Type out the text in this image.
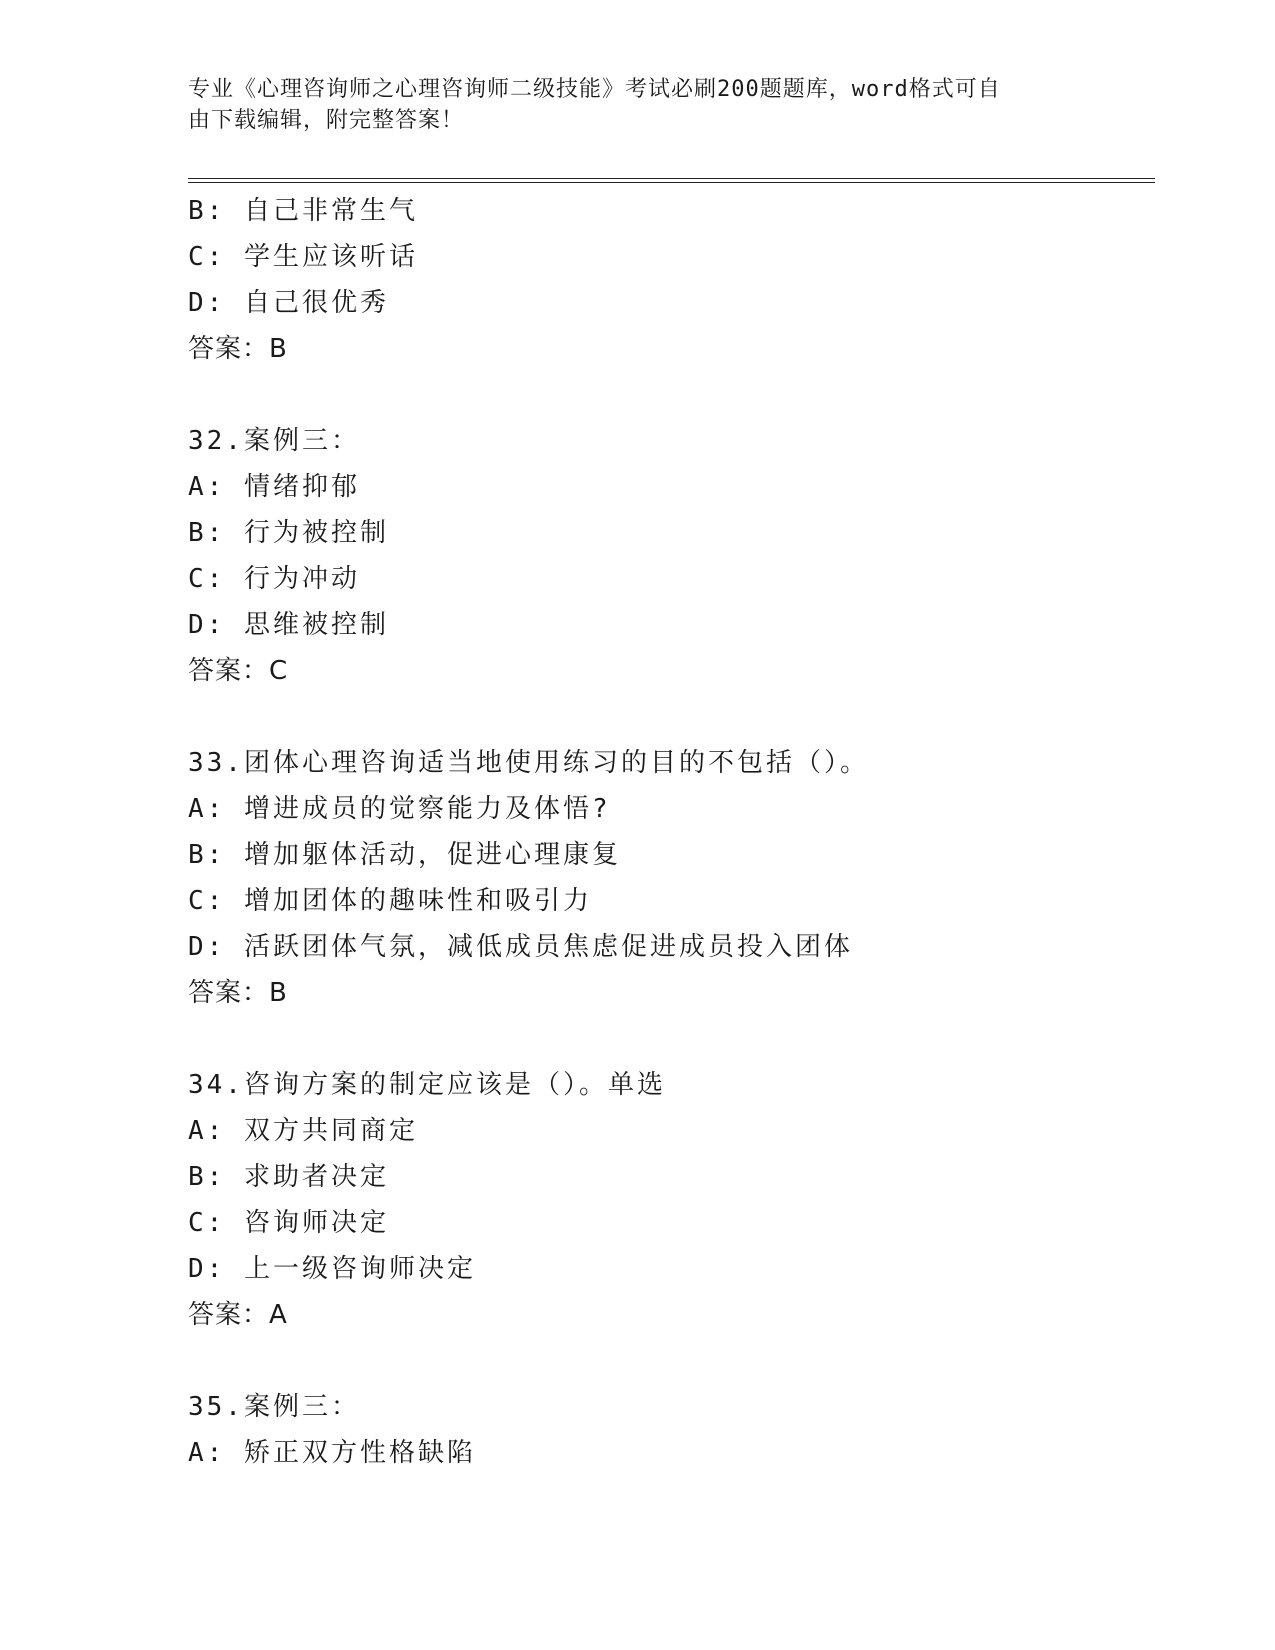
专业《心理咨询师之心理咨询师二级技能》考试必刷200题题库，word格式可自
由下载编辑，附完整答案！
B: 自己非常生气
C: 学生应该听话
D: 自己很优秀
答案：B
32.案例三：
A: 情绪抑郁
B: 行为被控制
C: 行为冲动
D: 思维被控制
答案：C
33.团体心理咨询适当地使用练习的目的不包括（）。
A: 增进成员的觉察能力及体悟?
B: 增加躯体活动，促进心理康复
C: 增加团体的趣味性和吸引力
D: 活跃团体气氛，减低成员焦虑促进成员投入团体
答案：B
34.咨询方案的制定应该是（）。单选
A: 双方共同商定
B: 求助者决定
C: 咨询师决定
D: 上一级咨询师决定
答案：A
35.案例三：
A: 矫正双方性格缺陷
